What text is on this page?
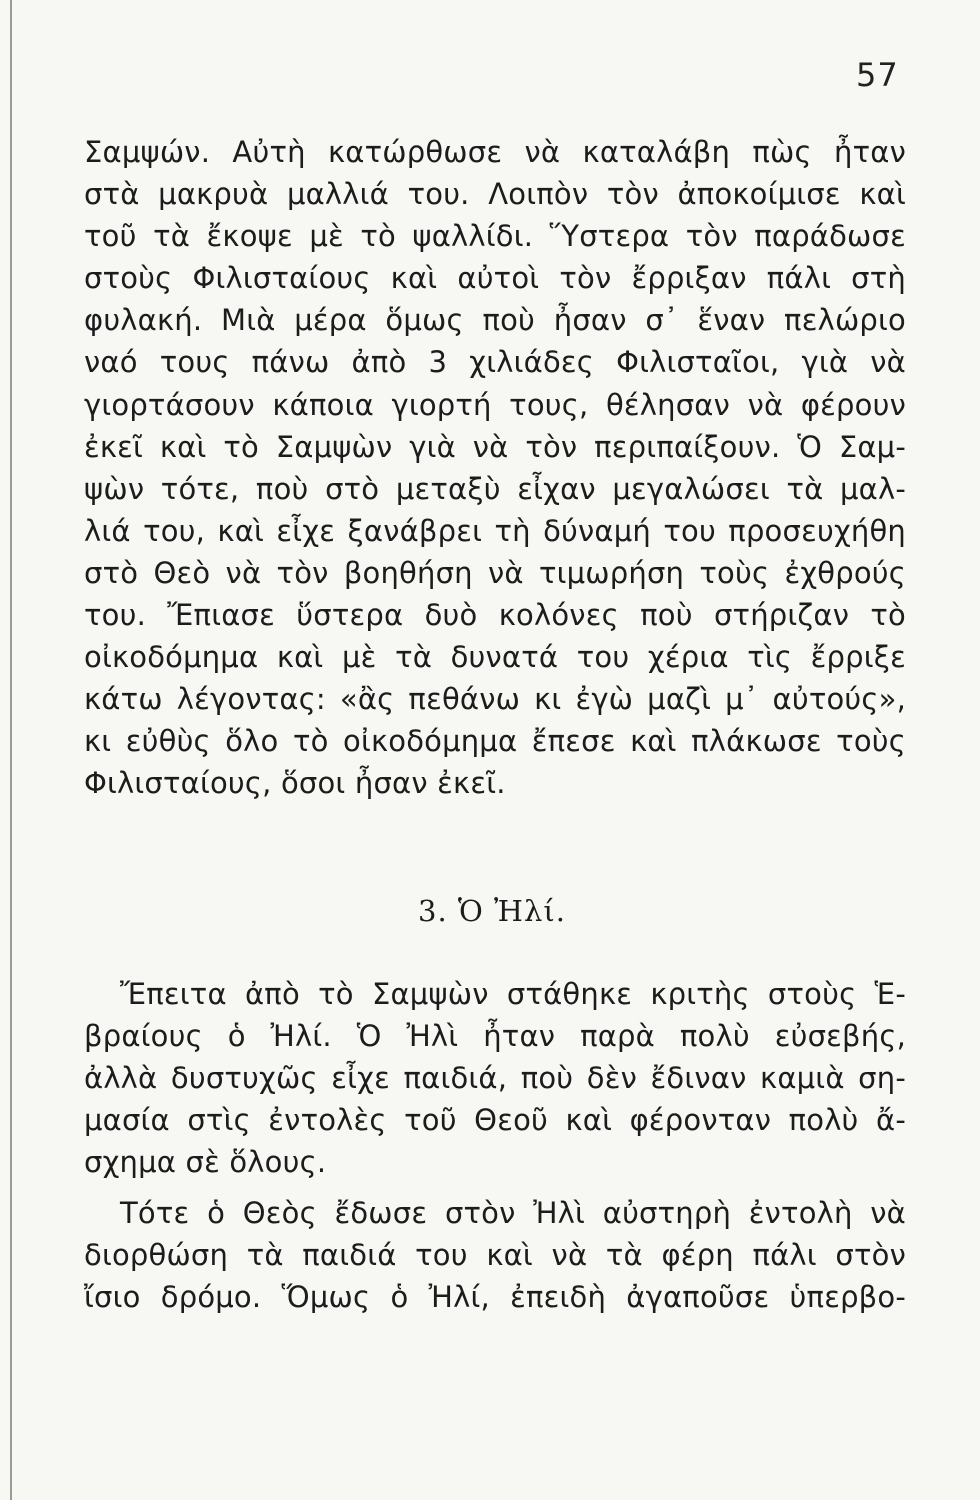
57
Σαμψών. Αὐτὴ κατώρθωσε νὰ καταλάβη πὼς ἦταν
στὰ μακρυὰ μαλλιά του. Λοιπὸν τὸν ἀποκοίμισε καὶ
τοῦ τὰ ἔκοψε μὲ τὸ ψαλλίδι. Ὕστερα τὸν παράδωσε
στοὺς Φιλισταίους καὶ αὐτοὶ τὸν ἔρριξαν πάλι στὴ
φυλακή. Μιὰ μέρα ὅμως ποὺ ἦσαν σ᾽ ἕναν πελώριο
ναό τους πάνω ἀπὸ 3 χιλιάδες Φιλισταῖοι, γιὰ νὰ
γιορτάσουν κάποια γιορτή τους, θέλησαν νὰ φέρουν
ἐκεῖ καὶ τὸ Σαμψὼν γιὰ νὰ τὸν περιπαίξουν. Ὁ Σαμ-
ψὼν τότε, ποὺ στὸ μεταξὺ εἶχαν μεγαλώσει τὰ μαλ-
λιά του, καὶ εἶχε ξανάβρει τὴ δύναμή του προσευχήθη
στὸ Θεὸ νὰ τὸν βοηθήση νὰ τιμωρήση τοὺς ἐχθρούς
του. Ἔπιασε ὕστερα δυὸ κολόνες ποὺ στήριζαν τὸ
οἰκοδόμημα καὶ μὲ τὰ δυνατά του χέρια τὶς ἔρριξε
κάτω λέγοντας: «ἂς πεθάνω κι ἐγὼ μαζὶ μ᾽ αὐτούς»,
κι εὐθὺς ὅλο τὸ οἰκοδόμημα ἔπεσε καὶ πλάκωσε τοὺς
Φιλισταίους, ὅσοι ἦσαν ἐκεῖ.
3. Ὁ Ἠλί.
Ἔπειτα ἀπὸ τὸ Σαμψὼν στάθηκε κριτὴς στοὺς Ἑ-
βραίους ὁ Ἠλί. Ὁ Ἠλὶ ἦταν παρὰ πολὺ εὐσεβής,
ἀλλὰ δυστυχῶς εἶχε παιδιά, ποὺ δὲν ἔδιναν καμιὰ ση-
μασία στὶς ἐντολὲς τοῦ Θεοῦ καὶ φέρονταν πολὺ ἄ-
σχημα σὲ ὅλους.
Τότε ὁ Θεὸς ἔδωσε στὸν Ἠλὶ αὐστηρὴ ἐντολὴ νὰ
διορθώση τὰ παιδιά του καὶ νὰ τὰ φέρη πάλι στὸν
ἴσιο δρόμο. Ὅμως ὁ Ἠλί, ἐπειδὴ ἀγαποῦσε ὑπερβο-
